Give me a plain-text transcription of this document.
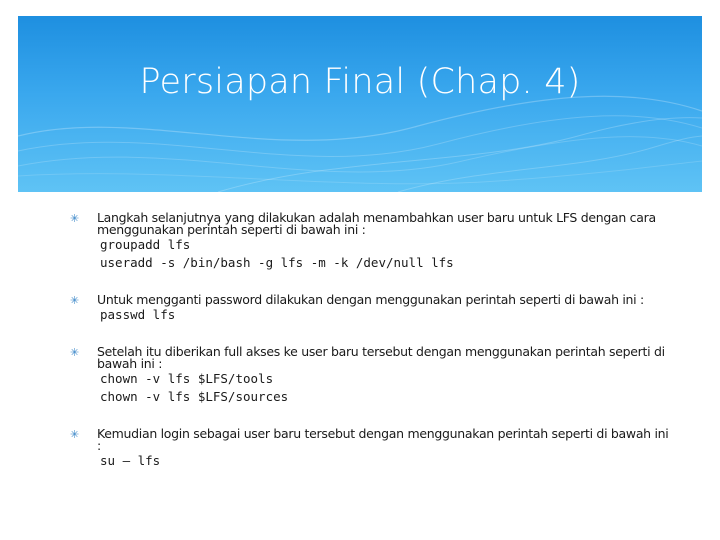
Persiapan Final (Chap. 4)
✳ Langkah selanjutnya yang dilakukan adalah menambahkan user baru untuk LFS dengan cara menggunakan perintah seperti di bawah ini :
groupadd lfs
useradd -s /bin/bash -g lfs -m -k /dev/null lfs
✳ Untuk mengganti password dilakukan dengan menggunakan perintah seperti di bawah ini :
passwd lfs
✳ Setelah itu diberikan full akses ke user baru tersebut dengan menggunakan perintah seperti di bawah ini :
chown -v lfs $LFS/tools
chown -v lfs $LFS/sources
✳ Kemudian login sebagai user baru tersebut dengan menggunakan perintah seperti di bawah ini :
su – lfs
